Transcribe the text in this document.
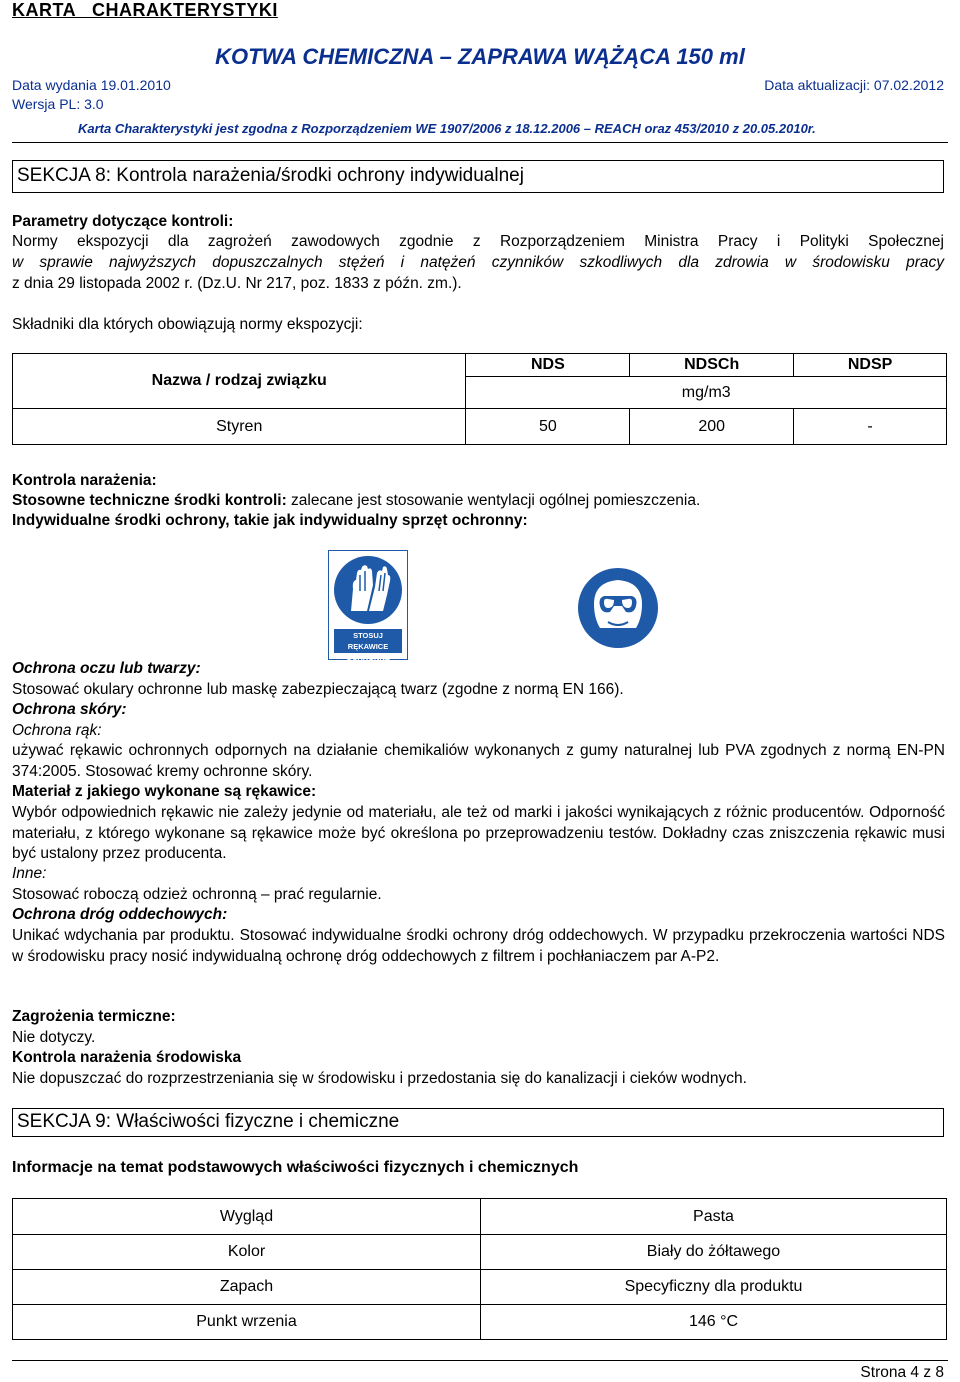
KARTA   CHARAKTERYSTYKI
KOTWA CHEMICZNA – ZAPRAWA WĄŻĄCA 150 ml
Data wydania 19.01.2010	Data aktualizacji: 07.02.2012
Wersja PL: 3.0
Karta Charakterystyki jest zgodna z Rozporządzeniem WE 1907/2006 z 18.12.2006 – REACH oraz 453/2010 z 20.05.2010r.
SEKCJA 8: Kontrola narażenia/środki ochrony indywidualnej
Parametry dotyczące kontroli:
Normy ekspozycji dla zagrożeń zawodowych zgodnie z Rozporządzeniem Ministra Pracy i Polityki Społecznej
w sprawie najwyższych dopuszczalnych stężeń i natężeń czynników szkodliwych dla zdrowia w środowisku pracy
z dnia 29 listopada 2002 r. (Dz.U. Nr 217, poz. 1833 z późn. zm.).
Składniki dla których obowiązują normy ekspozycji:
Nazwa / rodzaj związku	NDS	NDSCh	NDSP
	mg/m3		
Styren	50	200	-
Kontrola narażenia:
Stosowne techniczne środki kontroli: zalecane jest stosowanie wentylacji ogólnej pomieszczenia.
Indywidualne środki ochrony, takie jak indywidualny sprzęt ochronny:
STOSUJ RĘKAWICE
OCHRONNE
Ochrona oczu lub twarzy:
Stosować okulary ochronne lub maskę zabezpieczającą twarz (zgodne z normą EN 166).
Ochrona skóry:
Ochrona rąk:
używać rękawic ochronnych odpornych na działanie chemikaliów wykonanych z gumy naturalnej lub PVA zgodnych z normą EN-PN 374:2005. Stosować kremy ochronne skóry.
Materiał z jakiego wykonane są rękawice:
Wybór odpowiednich rękawic nie zależy jedynie od materiału, ale też od marki i jakości wynikających z różnic producentów. Odporność materiału, z którego wykonane są rękawice może być określona po przeprowadzeniu testów. Dokładny czas zniszczenia rękawic musi być ustalony przez producenta.
Inne:
Stosować roboczą odzież ochronną – prać regularnie.
Ochrona dróg oddechowych:
Unikać wdychania par produktu. Stosować indywidualne środki ochrony dróg oddechowych. W przypadku przekroczenia wartości NDS w środowisku pracy nosić indywidualną ochronę dróg oddechowych z filtrem i pochłaniaczem par A-P2.
Zagrożenia termiczne:
Nie dotyczy.
Kontrola narażenia środowiska
Nie dopuszczać do rozprzestrzeniania się w środowisku i przedostania się do kanalizacji i cieków wodnych.
SEKCJA 9: Właściwości fizyczne i chemiczne
Informacje na temat podstawowych właściwości fizycznych i chemicznych
Wygląd	Pasta
Kolor	Biały do żółtawego
Zapach	Specyficzny dla produktu
Punkt wrzenia	146 °C
Strona 4 z 8
